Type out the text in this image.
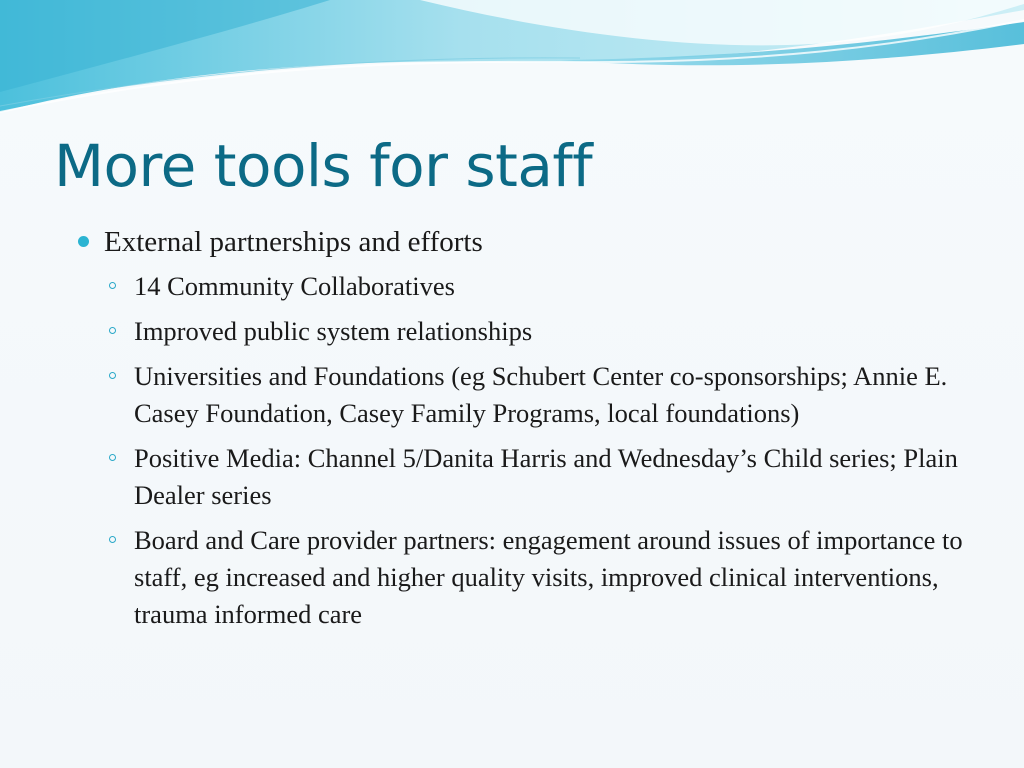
More tools for staff
External partnerships and efforts
14 Community Collaboratives
Improved public system relationships
Universities and Foundations (eg Schubert Center co-sponsorships; Annie E. Casey Foundation, Casey Family Programs, local foundations)
Positive Media: Channel 5/Danita Harris and Wednesday’s Child series; Plain Dealer series
Board and Care provider partners: engagement around issues of importance to staff, eg increased and higher quality visits, improved clinical interventions, trauma informed care
